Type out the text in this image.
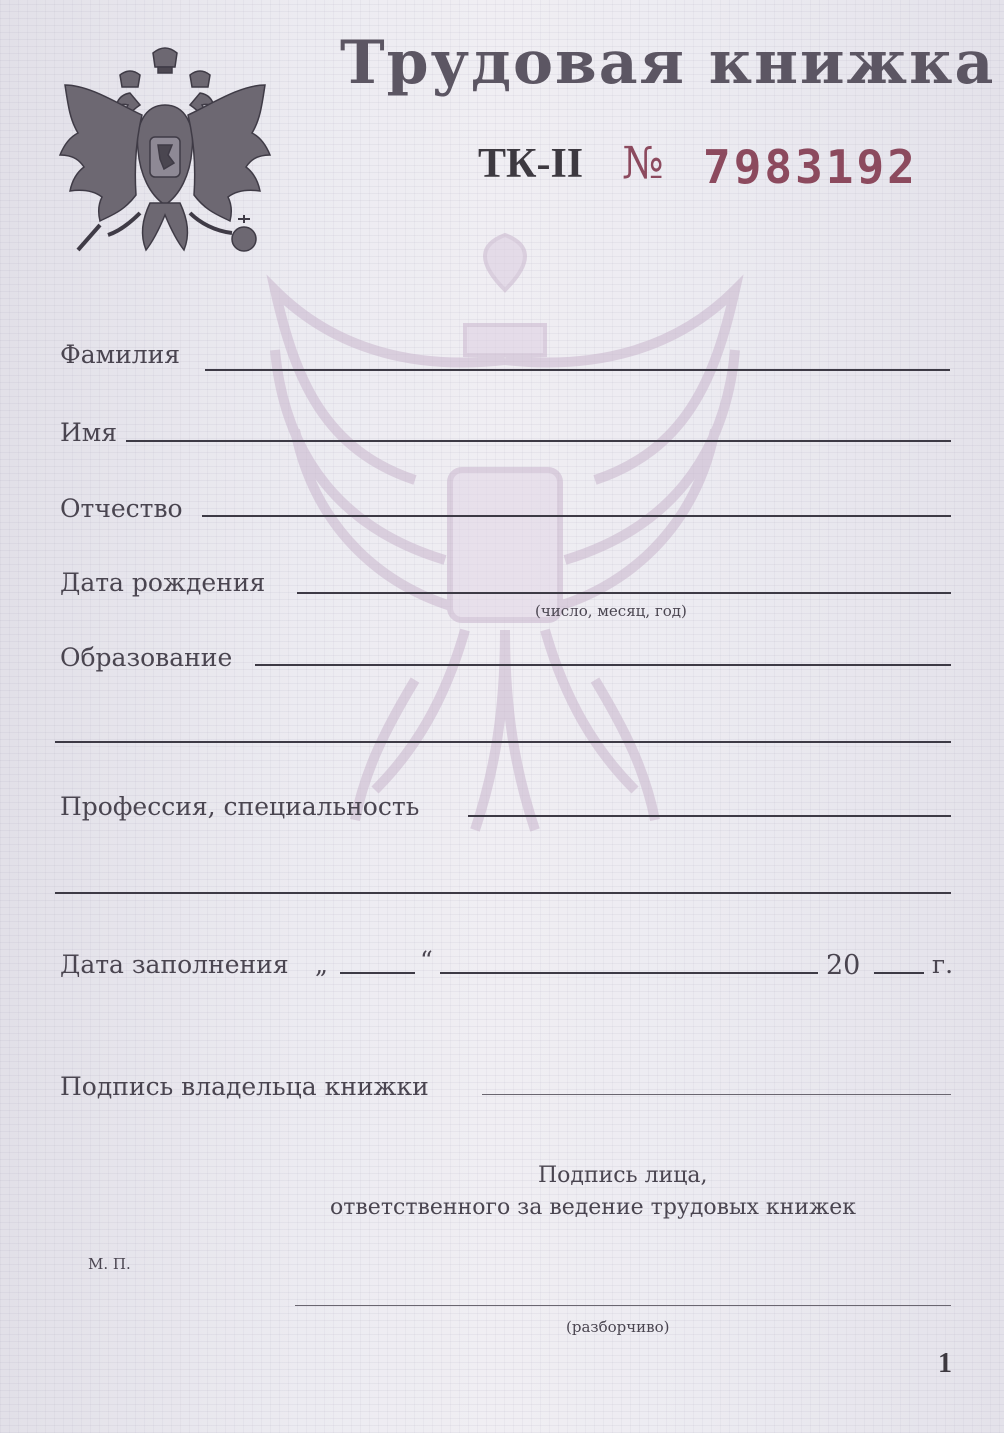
Трудовая книжка
ТК-II № 7983192
Фамилия
Имя
Отчество
Дата рождения
(число, месяц, год)
Образование
Профессия, специальность
Дата заполнения „	“	20	г.
Подпись владельца книжки
Подпись лица,
ответственного за ведение трудовых книжек
М. П.
(разборчиво)
1
